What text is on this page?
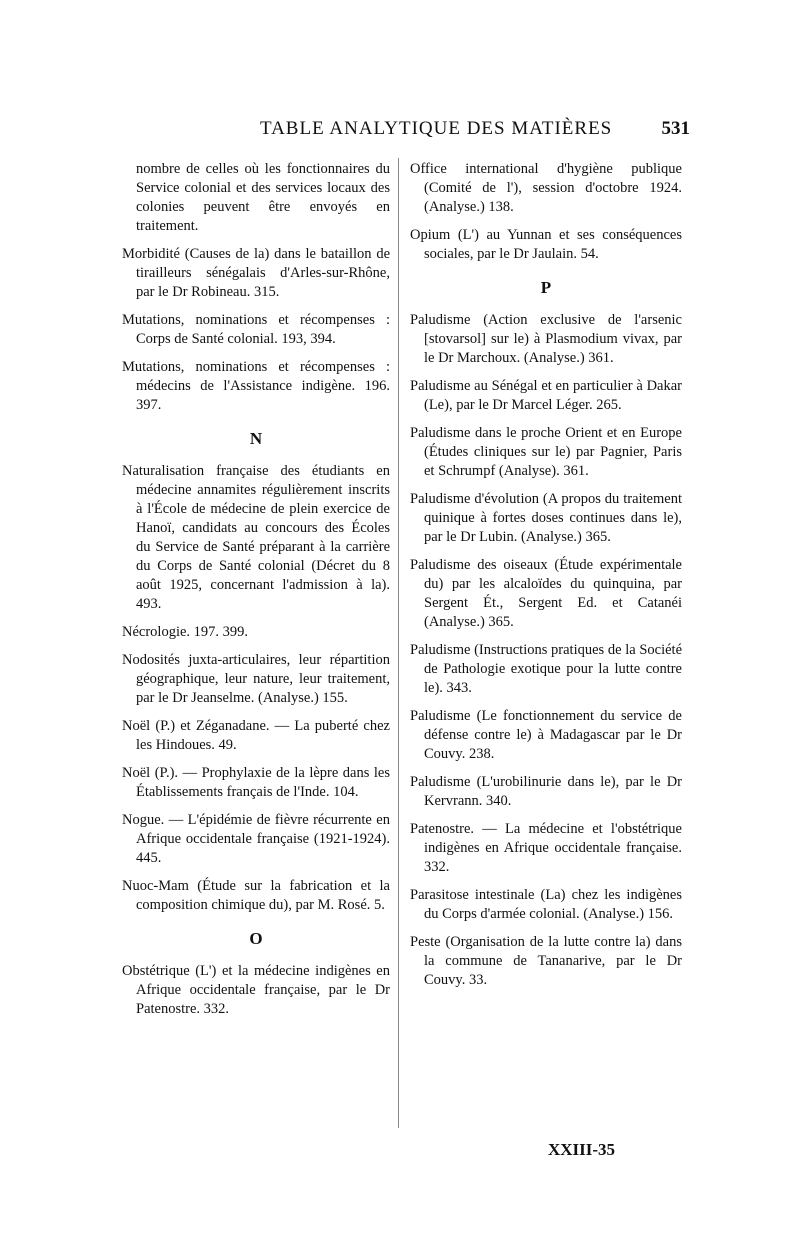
TABLE ANALYTIQUE DES MATIÈRES	531

nombre de celles où les fonctionnaires du Service colonial et des services locaux des colonies peuvent être envoyés en traitement.

Morbidité (Causes de la) dans le bataillon de tirailleurs sénégalais d'Arles-sur-Rhône, par le Dr Robineau. 315.

Mutations, nominations et récompenses : Corps de Santé colonial. 193, 394.

Mutations, nominations et récompenses : médecins de l'Assistance indigène. 196. 397.

N

Naturalisation française des étudiants en médecine annamites régulièrement inscrits à l'École de médecine de plein exercice de Hanoï, candidats au concours des Écoles du Service de Santé préparant à la carrière du Corps de Santé colonial (Décret du 8 août 1925, concernant l'admission à la). 493.

Nécrologie. 197. 399.

Nodosités juxta-articulaires, leur répartition géographique, leur nature, leur traitement, par le Dr Jeanselme. (Analyse.) 155.

Noël (P.) et Zéganadane. — La puberté chez les Hindoues. 49.

Noël (P.). — Prophylaxie de la lèpre dans les Établissements français de l'Inde. 104.

Nogue. — L'épidémie de fièvre récurrente en Afrique occidentale française (1921-1924). 445.

Nuoc-Mam (Étude sur la fabrication et la composition chimique du), par M. Rosé. 5.

O

Obstétrique (L') et la médecine indigènes en Afrique occidentale française, par le Dr Patenostre. 332.

Office international d'hygiène publique (Comité de l'), session d'octobre 1924. (Analyse.) 138.

Opium (L') au Yunnan et ses conséquences sociales, par le Dr Jaulain. 54.

P

Paludisme (Action exclusive de l'arsenic [stovarsol] sur le) à Plasmodium vivax, par le Dr Marchoux. (Analyse.) 361.

Paludisme au Sénégal et en particulier à Dakar (Le), par le Dr Marcel Léger. 265.

Paludisme dans le proche Orient et en Europe (Études cliniques sur le) par Pagnier, Paris et Schrumpf (Analyse). 361.

Paludisme d'évolution (A propos du traitement quinique à fortes doses continues dans le), par le Dr Lubin. (Analyse.) 365.

Paludisme des oiseaux (Étude expérimentale du) par les alcaloïdes du quinquina, par Sergent Ét., Sergent Ed. et Catanéi (Analyse.) 365.

Paludisme (Instructions pratiques de la Société de Pathologie exotique pour la lutte contre le). 343.

Paludisme (Le fonctionnement du service de défense contre le) à Madagascar par le Dr Couvy. 238.

Paludisme (L'urobilinurie dans le), par le Dr Kervrann. 340.

Patenostre. — La médecine et l'obstétrique indigènes en Afrique occidentale française. 332.

Parasitose intestinale (La) chez les indigènes du Corps d'armée colonial. (Analyse.) 156.

Peste (Organisation de la lutte contre la) dans la commune de Tananarive, par le Dr Couvy. 33.

XXIII-35
